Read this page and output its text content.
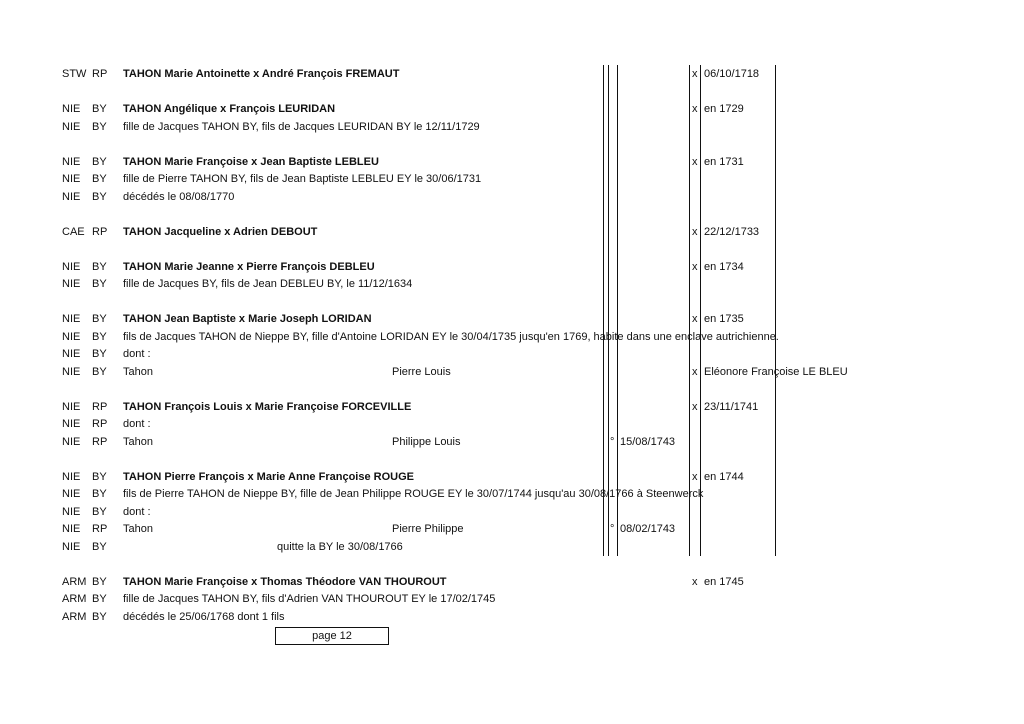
STW RP TAHON Marie Antoinette x André François FREMAUT	x 06/10/1718
NIE BY TAHON Angélique x François LEURIDAN	x en 1729
NIE BY fille de Jacques TAHON BY, fils de Jacques LEURIDAN BY le 12/11/1729
NIE BY TAHON Marie Françoise x Jean Baptiste LEBLEU	x en 1731
NIE BY fille de Pierre TAHON BY, fils de Jean Baptiste LEBLEU EY le 30/06/1731
NIE BY décédés le 08/08/1770
CAE RP TAHON Jacqueline x Adrien DEBOUT	x 22/12/1733
NIE BY TAHON Marie Jeanne x Pierre François DEBLEU	x en 1734
NIE BY fille de Jacques BY, fils de Jean DEBLEU BY, le 11/12/1634
NIE BY TAHON Jean Baptiste x Marie Joseph LORIDAN	x en 1735
NIE BY fils de Jacques TAHON de Nieppe BY, fille d'Antoine LORIDAN EY le 30/04/1735 jusqu'en 1769, habite dans une enclave autrichienne.
NIE BY dont :
NIE BY Tahon	Pierre Louis	x Eléonore Françoise LE BLEU
NIE RP TAHON François Louis x Marie Françoise FORCEVILLE	x 23/11/1741
NIE RP dont :
NIE RP Tahon	Philippe Louis	° 15/08/1743
NIE BY TAHON Pierre François x Marie Anne Françoise ROUGE	x en 1744
NIE BY fils de Pierre TAHON de Nieppe BY, fille de Jean Philippe ROUGE EY le 30/07/1744 jusqu'au 30/08/1766 à Steenwerck
NIE BY dont :
NIE RP Tahon	Pierre Philippe	° 08/02/1743
NIE BY	quitte la BY le 30/08/1766
ARM BY TAHON Marie Françoise x Thomas Théodore VAN THOUROUT	x en 1745
ARM BY fille de Jacques TAHON BY, fils d'Adrien VAN THOUROUT EY le 17/02/1745
ARM BY décédés le 25/06/1768 dont 1 fils
page 12
